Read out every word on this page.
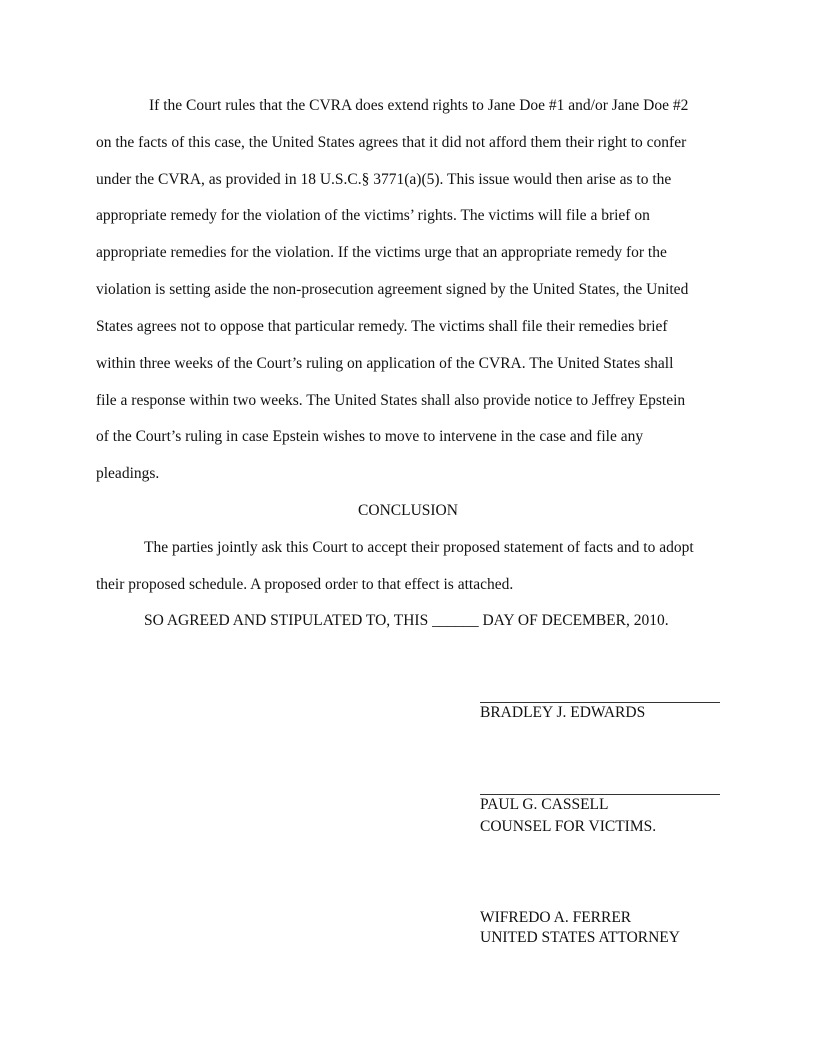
If the Court rules that the CVRA does extend rights to Jane Doe #1 and/or Jane Doe #2
on the facts of this case, the United States agrees that it did not afford them their right to confer
under the CVRA, as provided in 18 U.S.C.§ 3771(a)(5). This issue would then arise as to the
appropriate remedy for the violation of the victims’ rights. The victims will file a brief on
appropriate remedies for the violation. If the victims urge that an appropriate remedy for the
violation is setting aside the non-prosecution agreement signed by the United States, the United
States agrees not to oppose that particular remedy. The victims shall file their remedies brief
within three weeks of the Court’s ruling on application of the CVRA. The United States shall
file a response within two weeks. The United States shall also provide notice to Jeffrey Epstein
of the Court’s ruling in case Epstein wishes to move to intervene in the case and file any
pleadings.
CONCLUSION
The parties jointly ask this Court to accept their proposed statement of facts and to adopt
their proposed schedule. A proposed order to that effect is attached.
SO AGREED AND STIPULATED TO, THIS ______ DAY OF DECEMBER, 2010.
BRADLEY J. EDWARDS
PAUL G. CASSELL
COUNSEL FOR VICTIMS.
WIFREDO A. FERRER
UNITED STATES ATTORNEY
